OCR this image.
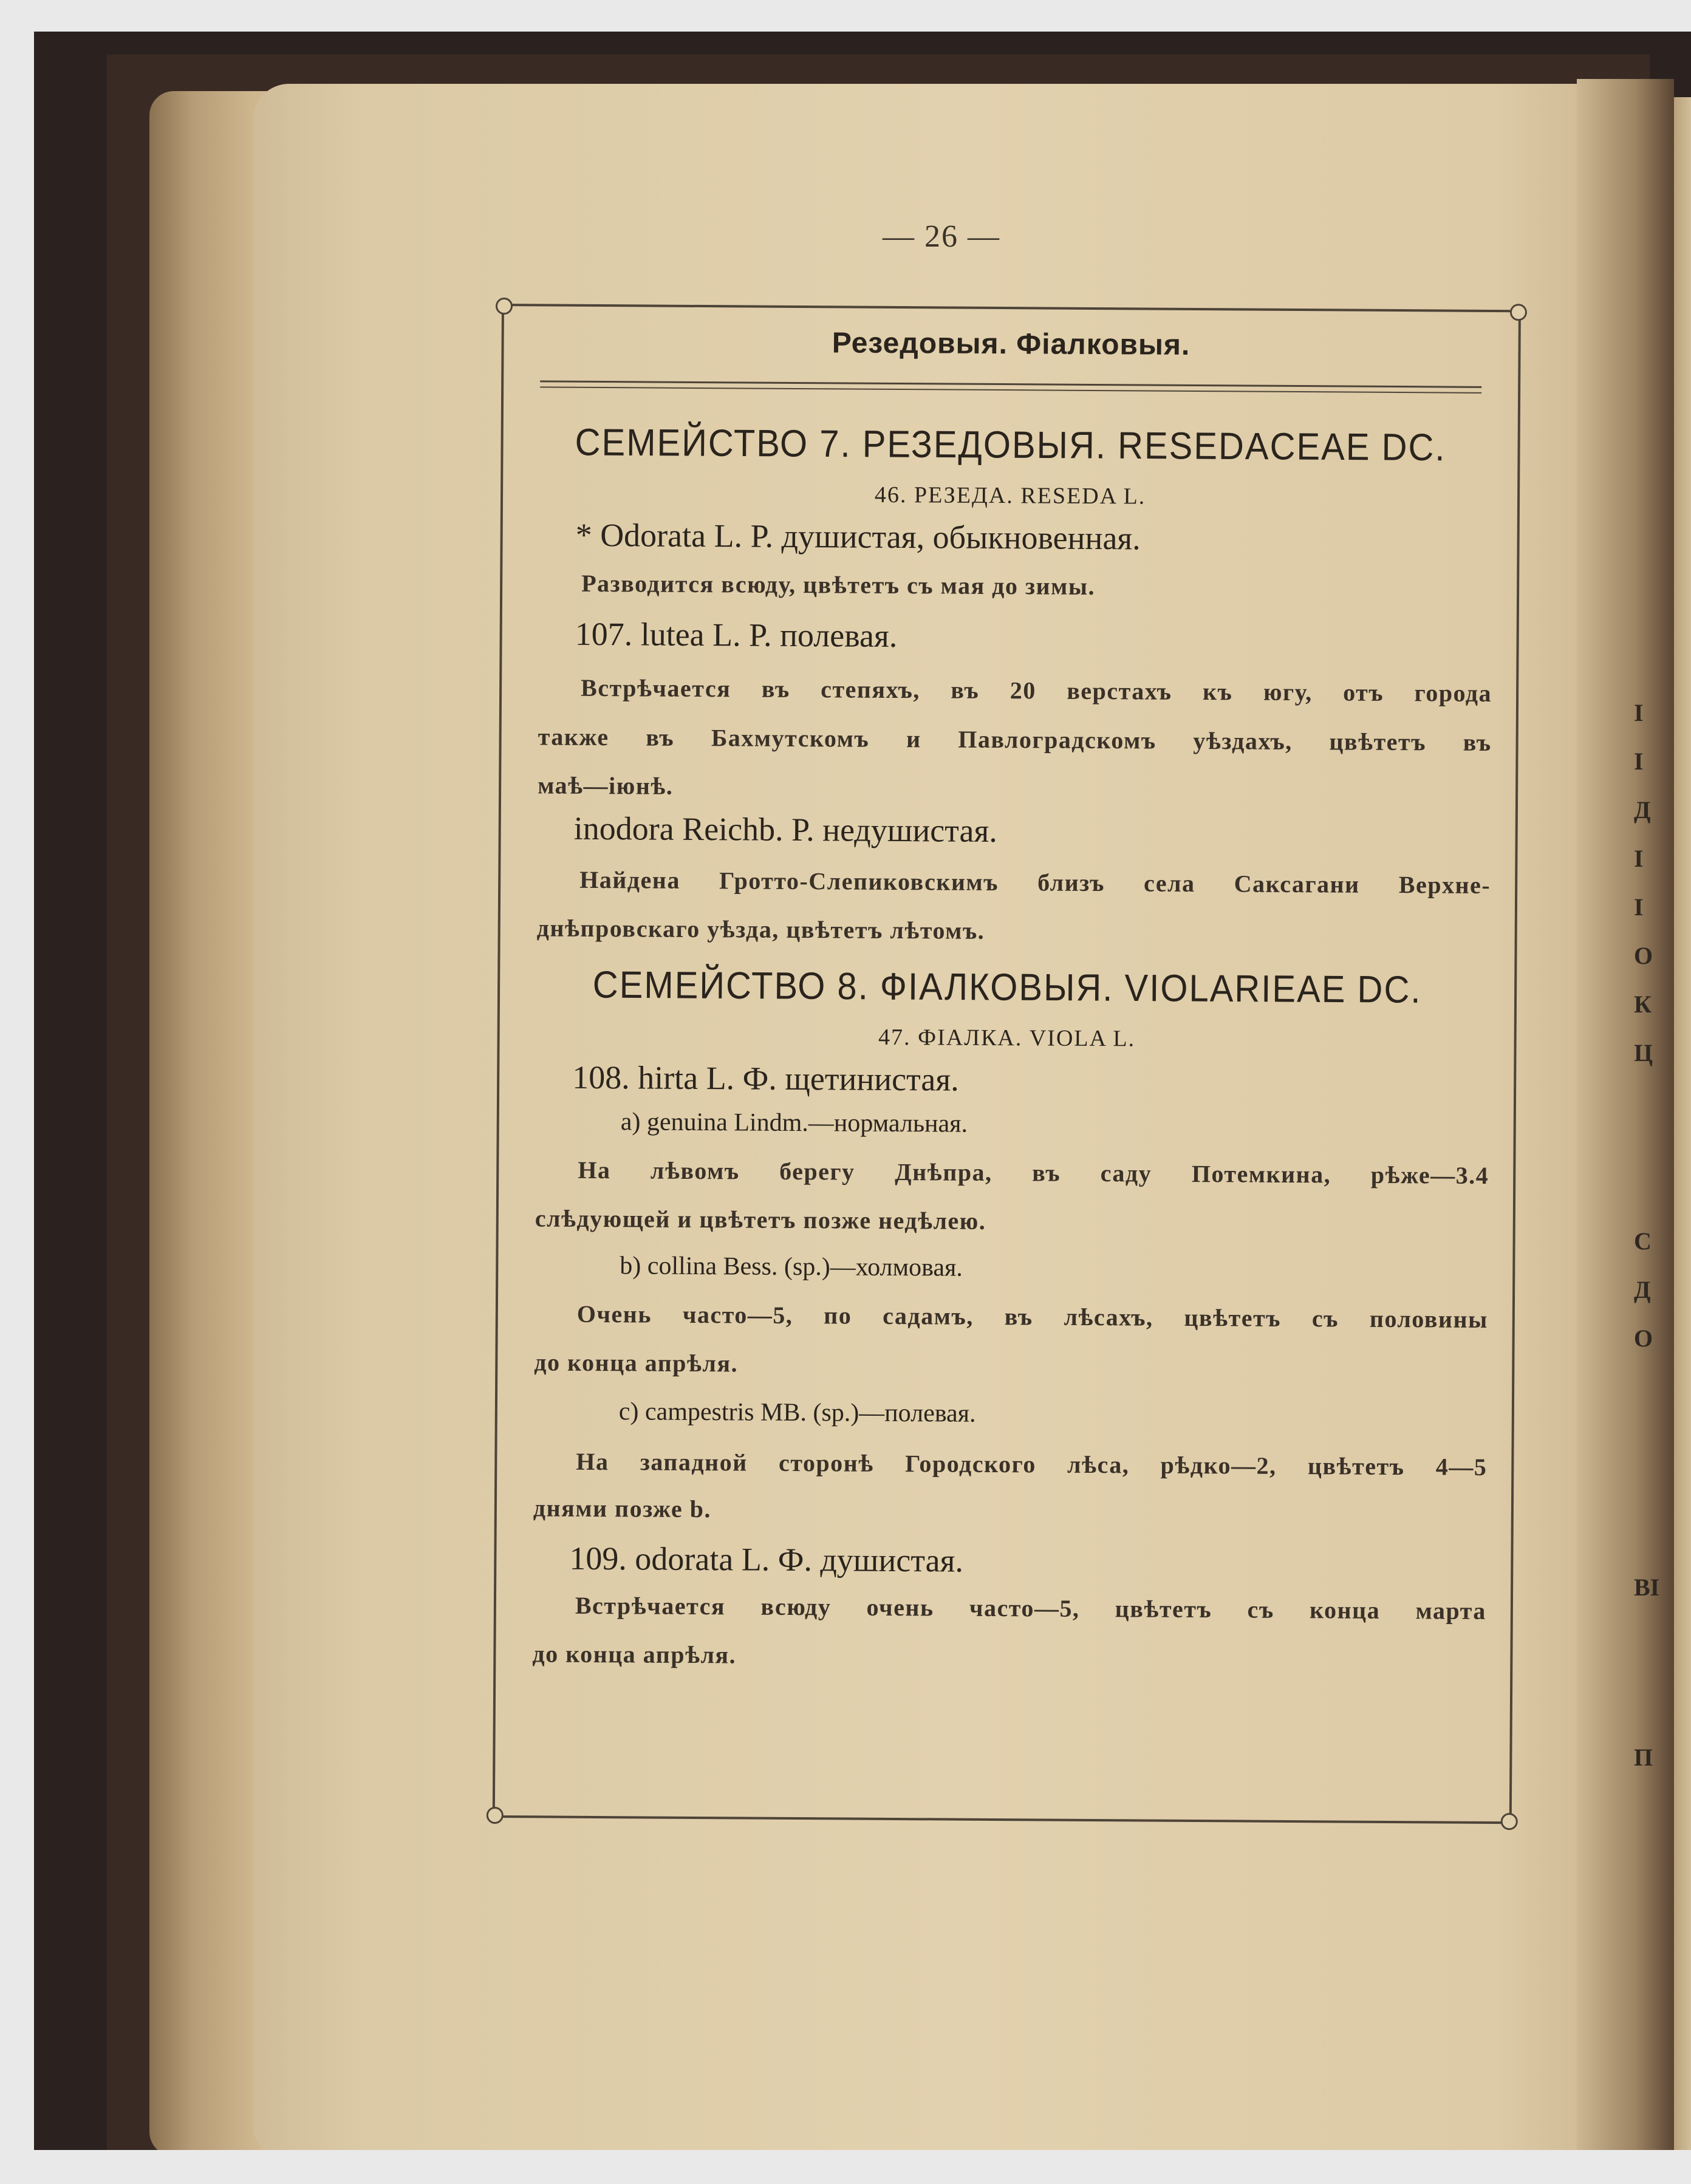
I
I
Д
I
I
О
К
Ц
С
Д
О
ВІ
П
— 26 —
Резедовыя. Фіалковыя.
СЕМЕЙСТВО 7. РЕЗЕДОВЫЯ. RESEDACEAE DC.
46. РЕЗЕДА. RESEDA L.
* Odorata L. P. душистая, обыкновенная.
Разводится всюду, цвѣтетъ съ мая до зимы.
107. lutea L. P. полевая.
Встрѣчается въ степяхъ, въ 20 верстахъ къ югу, отъ города
также въ Бахмутскомъ и Павлоградскомъ уѣздахъ, цвѣтетъ въ
маѣ—іюнѣ.
inodora Reichb. P. недушистая.
Найдена Гротто-Слепиковскимъ близъ села Саксагани Верхне-
днѣпровскаго уѣзда, цвѣтетъ лѣтомъ.
СЕМЕЙСТВО 8. ФІАЛКОВЫЯ. VIOLARIEAE DC.
47. ФІАЛКА. VIOLA L.
108. hirta L. Ф. щетинистая.
a) genuina Lindm.—нормальная.
На лѣвомъ берегу Днѣпра, въ саду Потемкина, рѣже—3.4
слѣдующей и цвѣтетъ позже недѣлею.
b) collina Bess. (sp.)—холмовая.
Очень часто—5, по садамъ, въ лѣсахъ, цвѣтетъ съ половины
до конца апрѣля.
c) campestris MB. (sp.)—полевая.
На западной сторонѣ Городского лѣса, рѣдко—2, цвѣтетъ 4—5
днями позже b.
109. odorata L. Ф. душистая.
Встрѣчается всюду очень часто—5, цвѣтетъ съ конца марта
до конца апрѣля.
